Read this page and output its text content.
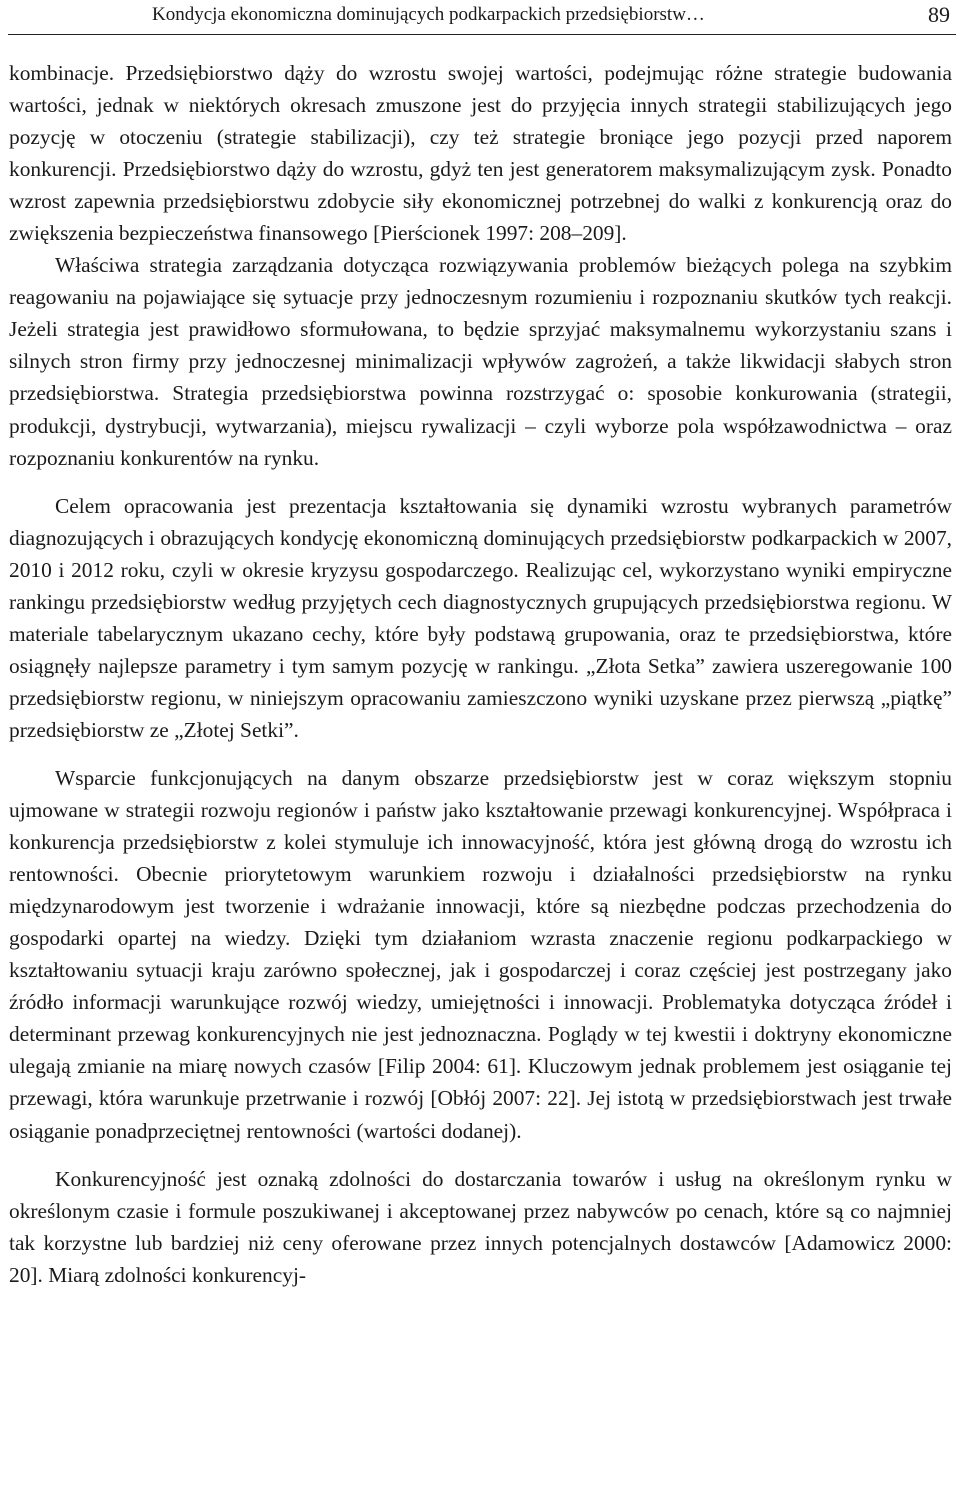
Kondycja ekonomiczna dominujących podkarpackich przedsiębiorstw…	89

kombinacje. Przedsiębiorstwo dąży do wzrostu swojej wartości, podejmując różne strategie budowania wartości, jednak w niektórych okresach zmuszone jest do przyjęcia innych strategii stabilizujących jego pozycję w otoczeniu (strategie stabilizacji), czy też strategie broniące jego pozycji przed naporem konkurencji. Przedsiębiorstwo dąży do wzrostu, gdyż ten jest generatorem maksymalizującym zysk. Ponadto wzrost zapewnia przedsiębiorstwu zdobycie siły ekonomicznej potrzebnej do walki z konkurencją oraz do zwiększenia bezpieczeństwa finansowego [Pierścionek 1997: 208–209].

Właściwa strategia zarządzania dotycząca rozwiązywania problemów bieżących polega na szybkim reagowaniu na pojawiające się sytuacje przy jednoczesnym rozumieniu i rozpoznaniu skutków tych reakcji. Jeżeli strategia jest prawidłowo sformułowana, to będzie sprzyjać maksymalnemu wykorzystaniu szans i silnych stron firmy przy jednoczesnej minimalizacji wpływów zagrożeń, a także likwidacji słabych stron przedsiębiorstwa. Strategia przedsiębiorstwa powinna rozstrzygać o: sposobie konkurowania (strategii, produkcji, dystrybucji, wytwarzania), miejscu rywalizacji – czyli wyborze pola współzawodnictwa – oraz rozpoznaniu konkurentów na rynku.

Celem opracowania jest prezentacja kształtowania się dynamiki wzrostu wybranych parametrów diagnozujących i obrazujących kondycję ekonomiczną dominujących przedsiębiorstw podkarpackich w 2007, 2010 i 2012 roku, czyli w okresie kryzysu gospodarczego. Realizując cel, wykorzystano wyniki empiryczne rankingu przedsiębiorstw według przyjętych cech diagnostycznych grupujących przedsiębiorstwa regionu. W materiale tabelarycznym ukazano cechy, które były podstawą grupowania, oraz te przedsiębiorstwa, które osiągnęły najlepsze parametry i tym samym pozycję w rankingu. „Złota Setka” zawiera uszeregowanie 100 przedsiębiorstw regionu, w niniejszym opracowaniu zamieszczono wyniki uzyskane przez pierwszą „piątkę” przedsiębiorstw ze „Złotej Setki”.

Wsparcie funkcjonujących na danym obszarze przedsiębiorstw jest w coraz większym stopniu ujmowane w strategii rozwoju regionów i państw jako kształtowanie przewagi konkurencyjnej. Współpraca i konkurencja przedsiębiorstw z kolei stymuluje ich innowacyjność, która jest główną drogą do wzrostu ich rentowności. Obecnie priorytetowym warunkiem rozwoju i działalności przedsiębiorstw na rynku międzynarodowym jest tworzenie i wdrażanie innowacji, które są niezbędne podczas przechodzenia do gospodarki opartej na wiedzy. Dzięki tym działaniom wzrasta znaczenie regionu podkarpackiego w kształtowaniu sytuacji kraju zarówno społecznej, jak i gospodarczej i coraz częściej jest postrzegany jako źródło informacji warunkujące rozwój wiedzy, umiejętności i innowacji. Problematyka dotycząca źródeł i determinant przewag konkurencyjnych nie jest jednoznaczna. Poglądy w tej kwestii i doktryny ekonomiczne ulegają zmianie na miarę nowych czasów [Filip 2004: 61]. Kluczowym jednak problemem jest osiąganie tej przewagi, która warunkuje przetrwanie i rozwój [Obłój 2007: 22]. Jej istotą w przedsiębiorstwach jest trwałe osiąganie ponadprzeciętnej rentowności (wartości dodanej).

Konkurencyjność jest oznaką zdolności do dostarczania towarów i usług na określonym rynku w określonym czasie i formule poszukiwanej i akceptowanej przez nabywców po cenach, które są co najmniej tak korzystne lub bardziej niż ceny oferowane przez innych potencjalnych dostawców [Adamowicz 2000: 20]. Miarą zdolności konkurencyj-
